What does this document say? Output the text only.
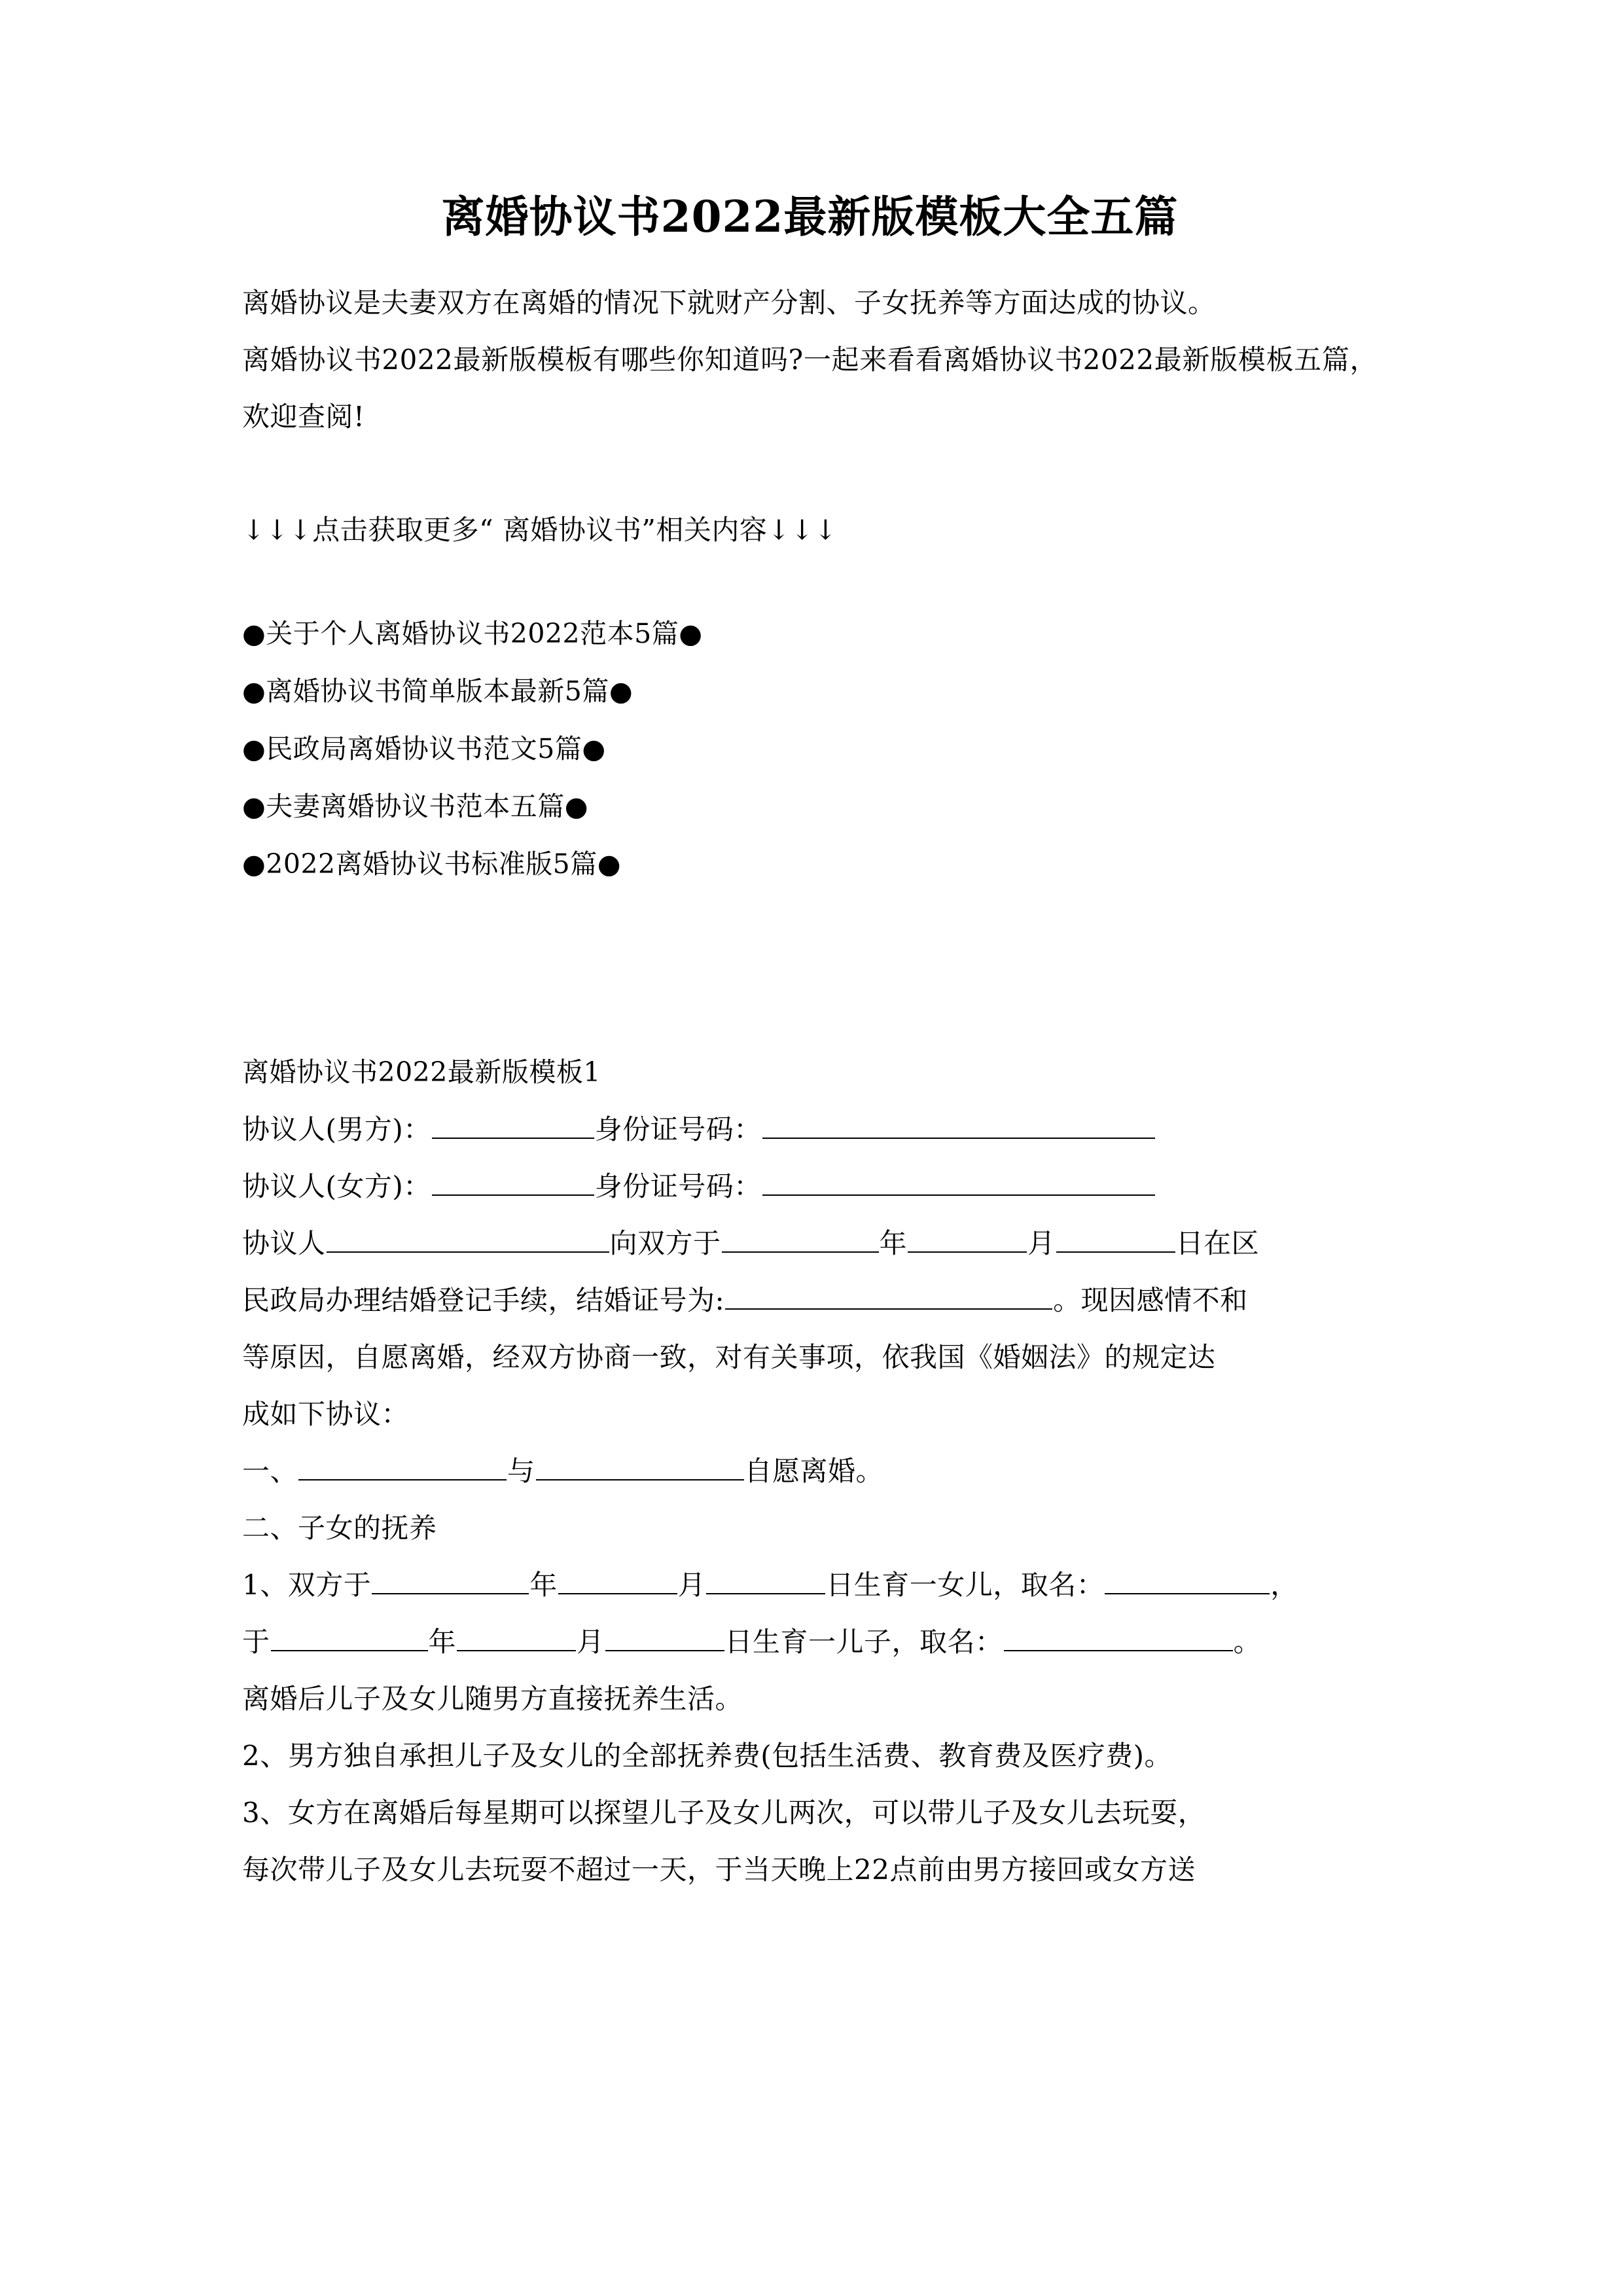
离婚协议书2022最新版模板大全五篇

离婚协议是夫妻双方在离婚的情况下就财产分割、子女抚养等方面达成的协议。

离婚协议书2022最新版模板有哪些你知道吗?一起来看看离婚协议书2022最新版模板五篇，欢迎查阅!

↓↓↓点击获取更多“ 离婚协议书”相关内容↓↓↓

●关于个人离婚协议书2022范本5篇●
●离婚协议书简单版本最新5篇●
●民政局离婚协议书范文5篇●
●夫妻离婚协议书范本五篇●
●2022离婚协议书标准版5篇●

离婚协议书2022最新版模板1

协议人(男方)：	身份证号码：

协议人(女方)：	身份证号码：

协议人	向双方于	年	月	日在区

民政局办理结婚登记手续，结婚证号为:	。现因感情不和

等原因，自愿离婚，经双方协商一致，对有关事项，依我国《婚姻法》的规定达

成如下协议：

一、	与	自愿离婚。

二、子女的抚养

1、双方于	年	月	日生育一女儿，取名：	，

于	年	月	日生育一儿子，取名：	。

离婚后儿子及女儿随男方直接抚养生活。

2、男方独自承担儿子及女儿的全部抚养费(包括生活费、教育费及医疗费)。

3、女方在离婚后每星期可以探望儿子及女儿两次，可以带儿子及女儿去玩耍，

每次带儿子及女儿去玩耍不超过一天，于当天晚上22点前由男方接回或女方送
